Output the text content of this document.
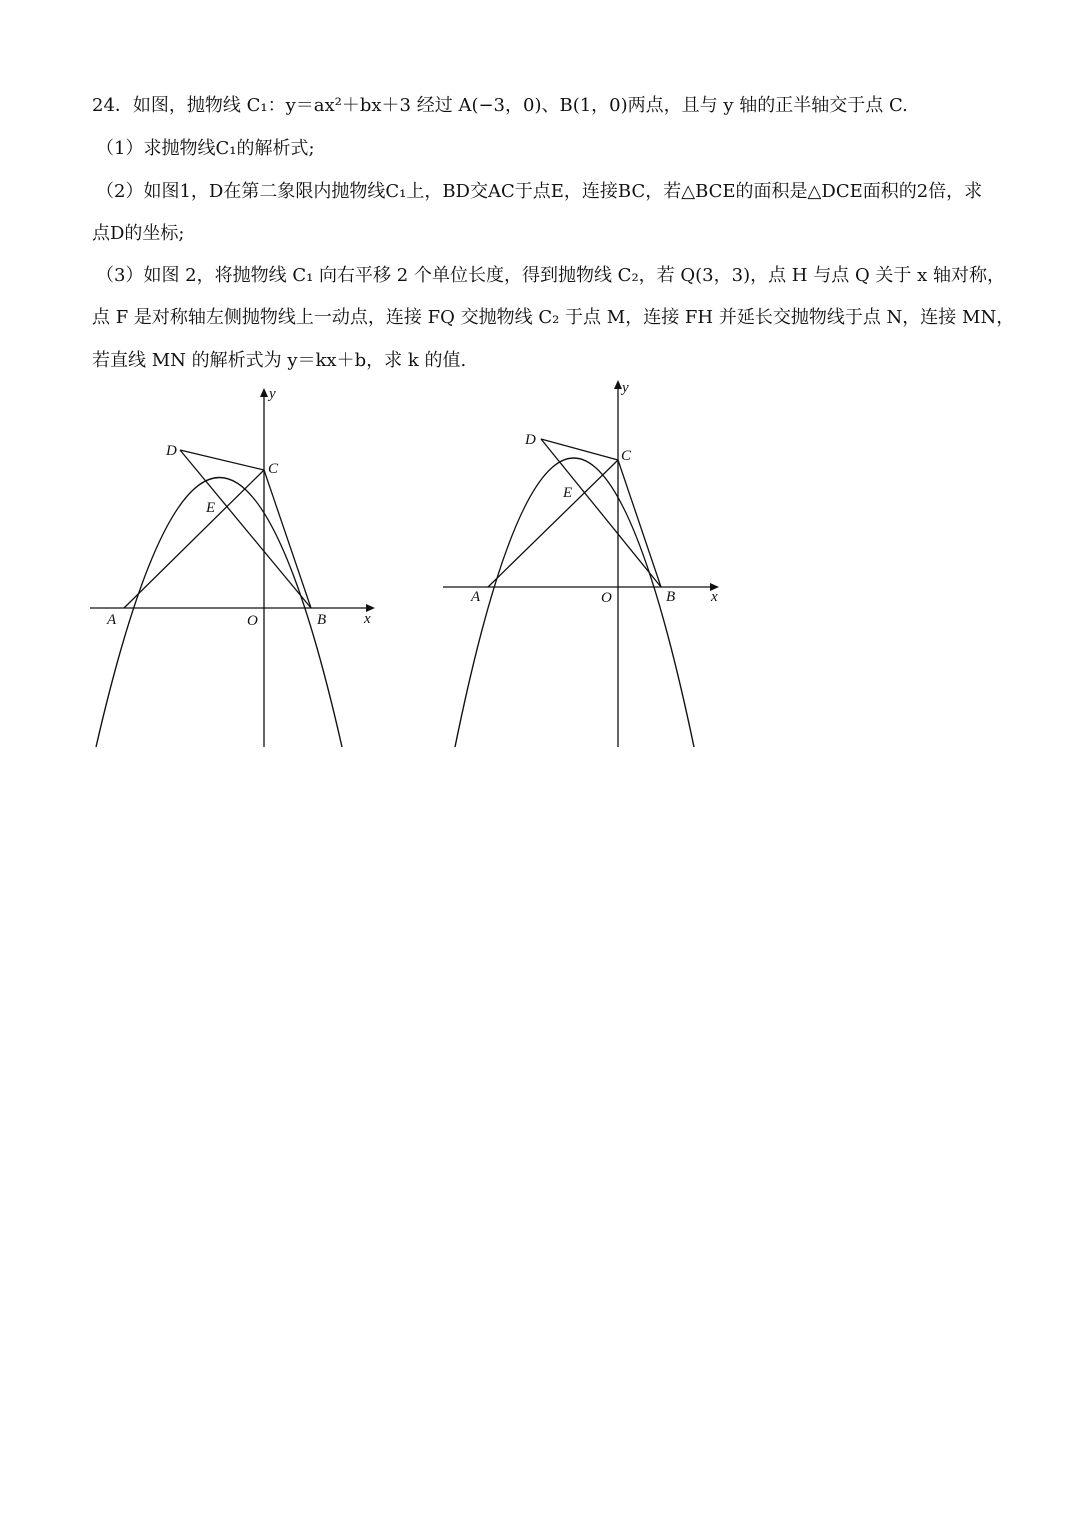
24．如图，抛物线 C₁：y＝ax²＋bx＋3 经过 A(−3，0)、B(1，0)两点，且与 y 轴的正半轴交于点 C.
（1）求抛物线C₁的解析式;
（2）如图1，D在第二象限内抛物线C₁上，BD交AC于点E，连接BC，若△BCE的面积是△DCE面积的2倍，求
点D的坐标;
（3）如图 2，将抛物线 C₁ 向右平移 2 个单位长度，得到抛物线 C₂，若 Q(3，3)，点 H 与点 Q 关于 x 轴对称，
点 F 是对称轴左侧抛物线上一动点，连接 FQ 交抛物线 C₂ 于点 M，连接 FH 并延长交抛物线于点 N，连接 MN，
若直线 MN 的解析式为 y＝kx＋b，求 k 的值.
y
x
A	B
O
C
D
E
y
x
A	B
O
C
D
E
